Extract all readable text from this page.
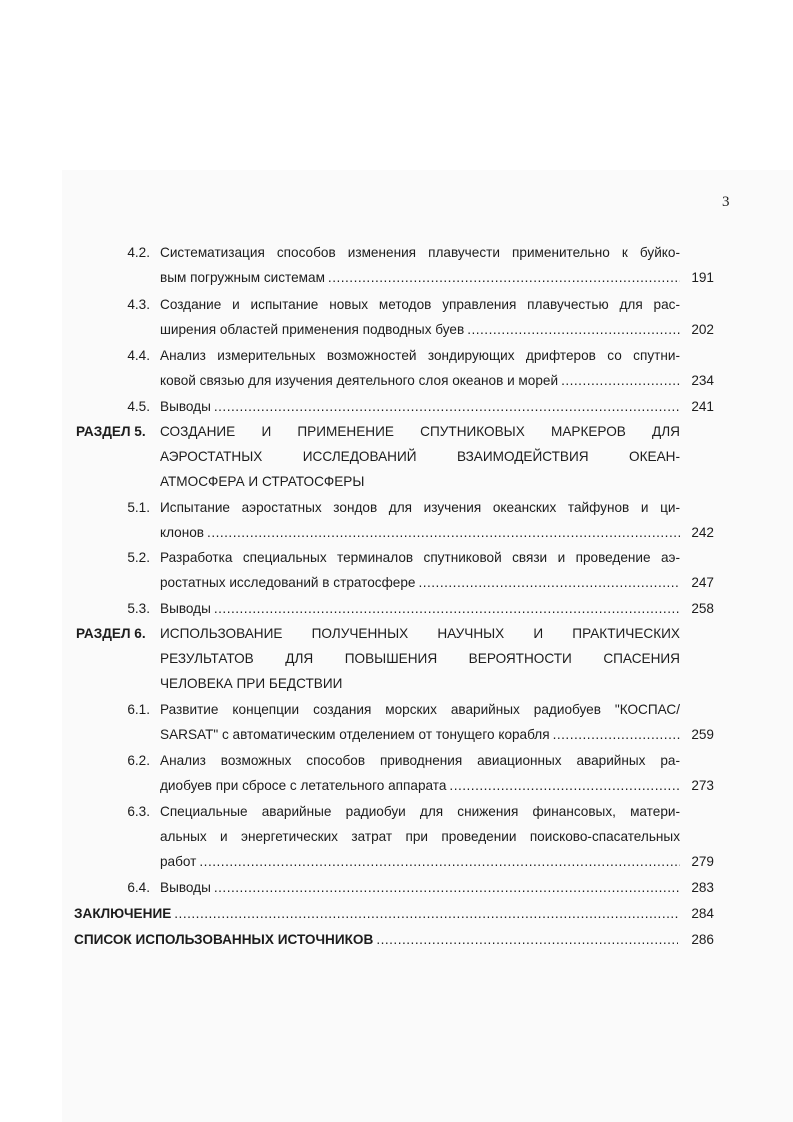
3
4.2. Систематизация способов изменения плавучести применительно к буйко-
вым погружным системам .....	191
4.3. Создание и испытание новых методов управления плавучестью для рас-
ширения областей применения подводных буев .....	202
4.4. Анализ измерительных возможностей зондирующих дрифтеров со спутни-
ковой связью для изучения деятельного слоя океанов и морей .....	234
4.5. Выводы .....	241
РАЗДЕЛ 5. СОЗДАНИЕ И ПРИМЕНЕНИЕ СПУТНИКОВЫХ МАРКЕРОВ ДЛЯ
АЭРОСТАТНЫХ ИССЛЕДОВАНИЙ ВЗАИМОДЕЙСТВИЯ ОКЕАН-
АТМОСФЕРА И СТРАТОСФЕРЫ
5.1. Испытание аэростатных зондов для изучения океанских тайфунов и ци-
клонов .....	242
5.2. Разработка специальных терминалов спутниковой связи и проведение аэ-
ростатных исследований в стратосфере .....	247
5.3. Выводы .....	258
РАЗДЕЛ 6. ИСПОЛЬЗОВАНИЕ ПОЛУЧЕННЫХ НАУЧНЫХ И ПРАКТИЧЕСКИХ
РЕЗУЛЬТАТОВ ДЛЯ ПОВЫШЕНИЯ ВЕРОЯТНОСТИ СПАСЕНИЯ
ЧЕЛОВЕКА ПРИ БЕДСТВИИ
6.1. Развитие концепции создания морских аварийных радиобуев "КОСПАС/
SARSAT" с автоматическим отделением от тонущего корабля .....	259
6.2. Анализ возможных способов приводнения авиационных аварийных ра-
диобуев при сбросе с летательного аппарата .....	273
6.3. Специальные аварийные радиобуи для снижения финансовых, матери-
альных и энергетических затрат при проведении поисково-спасательных
работ .....	279
6.4. Выводы .....	283
ЗАКЛЮЧЕНИЕ .....	284
СПИСОК ИСПОЛЬЗОВАННЫХ ИСТОЧНИКОВ .....	286
